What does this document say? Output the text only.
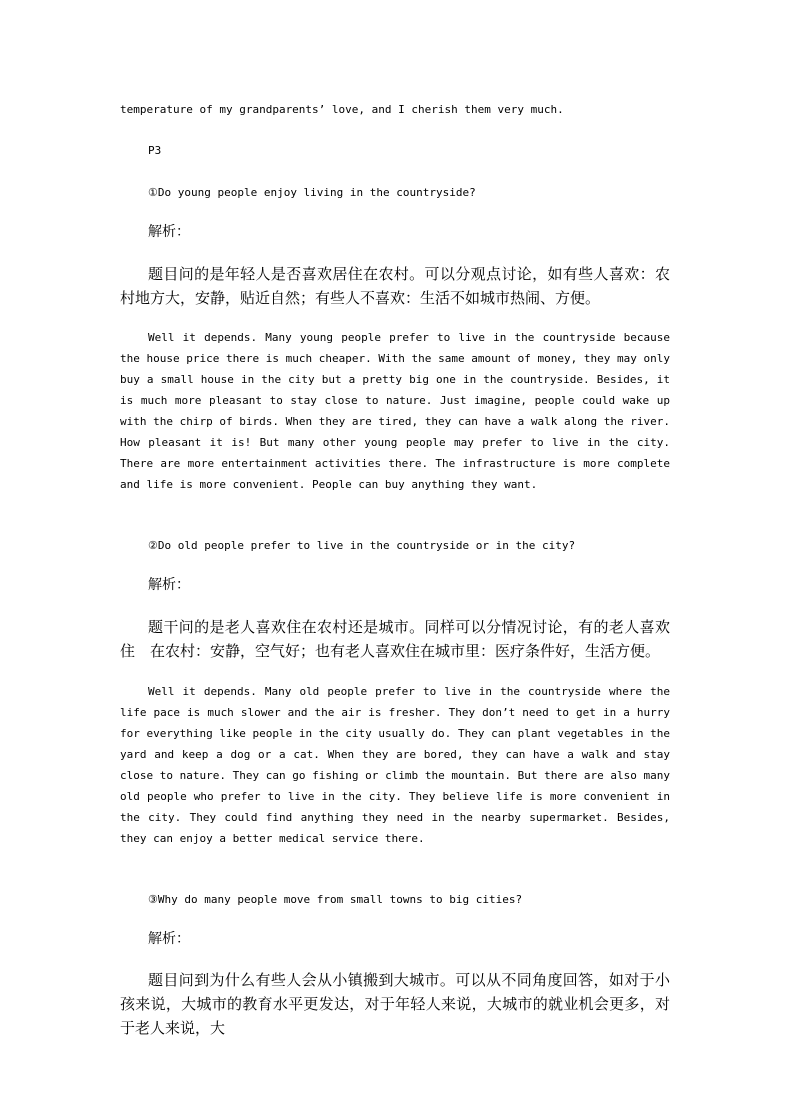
temperature of my grandparents’ love, and I cherish them very much.

P3

①Do young people enjoy living in the countryside?

解析：

题目问的是年轻人是否喜欢居住在农村。可以分观点讨论，如有些人喜欢：农村地方大，安静，贴近自然；有些人不喜欢：生活不如城市热闹、方便。

Well it depends. Many young people prefer to live in the countryside because the house price there is much cheaper. With the same amount of money, they may only buy a small house in the city but a pretty big one in the countryside. Besides, it is much more pleasant to stay close to nature. Just imagine, people could wake up with the chirp of birds. When they are tired, they can have a walk along the river. How pleasant it is! But many other young people may prefer to live in the city. There are more entertainment activities there. The infrastructure is more complete and life is more convenient. People can buy anything they want.

②Do old people prefer to live in the countryside or in the city?

解析：

题干问的是老人喜欢住在农村还是城市。同样可以分情况讨论，有的老人喜欢住　在农村：安静，空气好；也有老人喜欢住在城市里：医疗条件好，生活方便。

Well it depends. Many old people prefer to live in the countryside where the life pace is much slower and the air is fresher. They don’t need to get in a hurry for everything like people in the city usually do. They can plant vegetables in the yard and keep a dog or a cat. When they are bored, they can have a walk and stay close to nature. They can go fishing or climb the mountain. But there are also many old people who prefer to live in the city. They believe life is more convenient in the city. They could find anything they need in the nearby supermarket. Besides, they can enjoy a better medical service there.

③Why do many people move from small towns to big cities?

解析：

题目问到为什么有些人会从小镇搬到大城市。可以从不同角度回答，如对于小孩来说，大城市的教育水平更发达，对于年轻人来说，大城市的就业机会更多，对于老人来说，大
